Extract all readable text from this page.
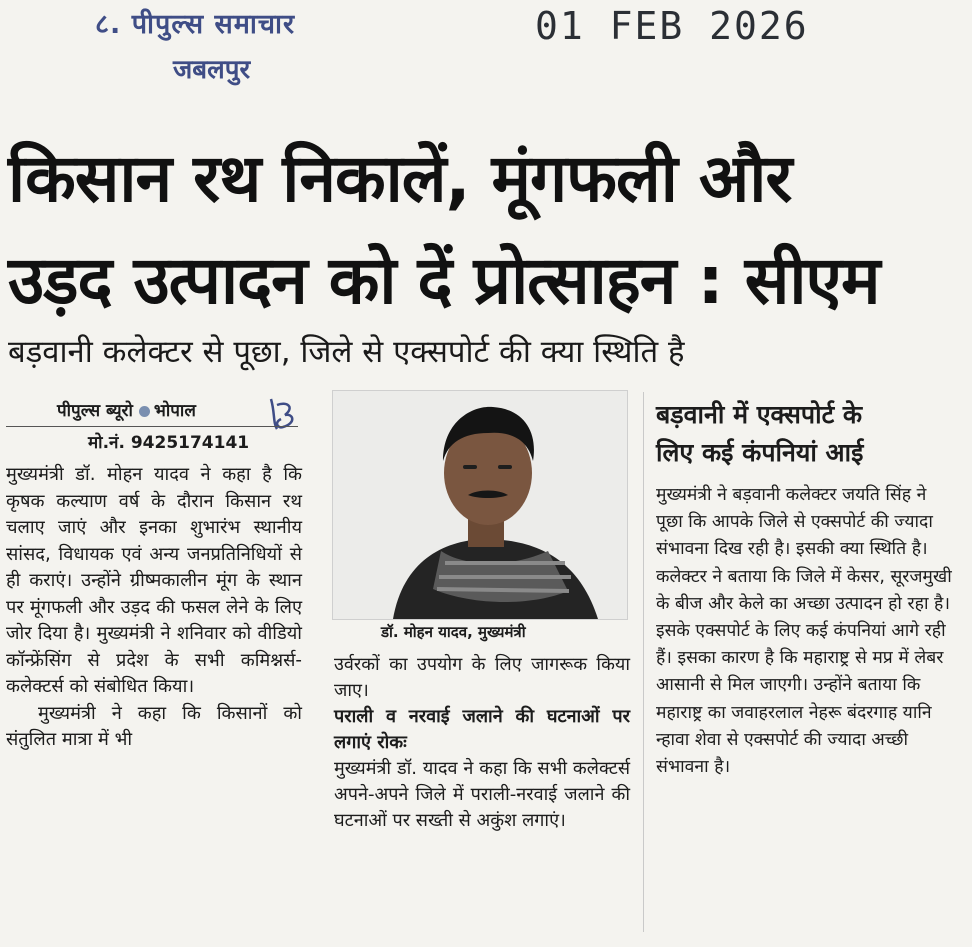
८. पीपुल्स समाचार
जबलपुर
01 FEB 2026
किसान रथ निकालें, मूंगफली और
उड़द उत्पादन को दें प्रोत्साहन : सीएम
बड़वानी कलेक्टर से पूछा, जिले से एक्सपोर्ट की क्या स्थिति है
पीपुल्स ब्यूरो भोपाल
मो.नं. 9425174141

मुख्यमंत्री डॉ. मोहन यादव ने कहा है कि कृषक कल्याण वर्ष के दौरान किसान रथ चलाए जाएं और इनका शुभारंभ स्थानीय सांसद, विधायक एवं अन्य जनप्रतिनिधियों से ही कराएं। उन्होंने ग्रीष्मकालीन मूंग के स्थान पर मूंगफली और उड़द की फसल लेने के लिए जोर दिया है। मुख्यमंत्री ने शनिवार को वीडियो कॉन्फ्रेंसिंग से प्रदेश के सभी कमिश्नर्स-कलेक्टर्स को संबोधित किया।

मुख्यमंत्री ने कहा कि किसानों को संतुलित मात्रा में भी

डॉ. मोहन यादव, मुख्यमंत्री

उर्वरकों का उपयोग के लिए जागरूक किया जाए।

पराली व नरवाई जलाने की घटनाओं पर लगाएं रोकः

मुख्यमंत्री डॉ. यादव ने कहा कि सभी कलेक्टर्स अपने-अपने जिले में पराली-नरवाई जलाने की घटनाओं पर सख्ती से अकुंश लगाएं।

बड़वानी में एक्सपोर्ट के
लिए कई कंपनियां आई

मुख्यमंत्री ने बड़वानी कलेक्टर जयति सिंह ने पूछा कि आपके जिले से एक्सपोर्ट की ज्यादा संभावना दिख रही है। इसकी क्या स्थिति है। कलेक्टर ने बताया कि जिले में केसर, सूरजमुखी के बीज और केले का अच्छा उत्पादन हो रहा है। इसके एक्सपोर्ट के लिए कई कंपनियां आगे रही हैं। इसका कारण है कि महाराष्ट्र से मप्र में लेबर आसानी से मिल जाएगी। उन्होंने बताया कि महाराष्ट्र का जवाहरलाल नेहरू बंदरगाह यानि न्हावा शेवा से एक्सपोर्ट की ज्यादा अच्छी संभावना है।
